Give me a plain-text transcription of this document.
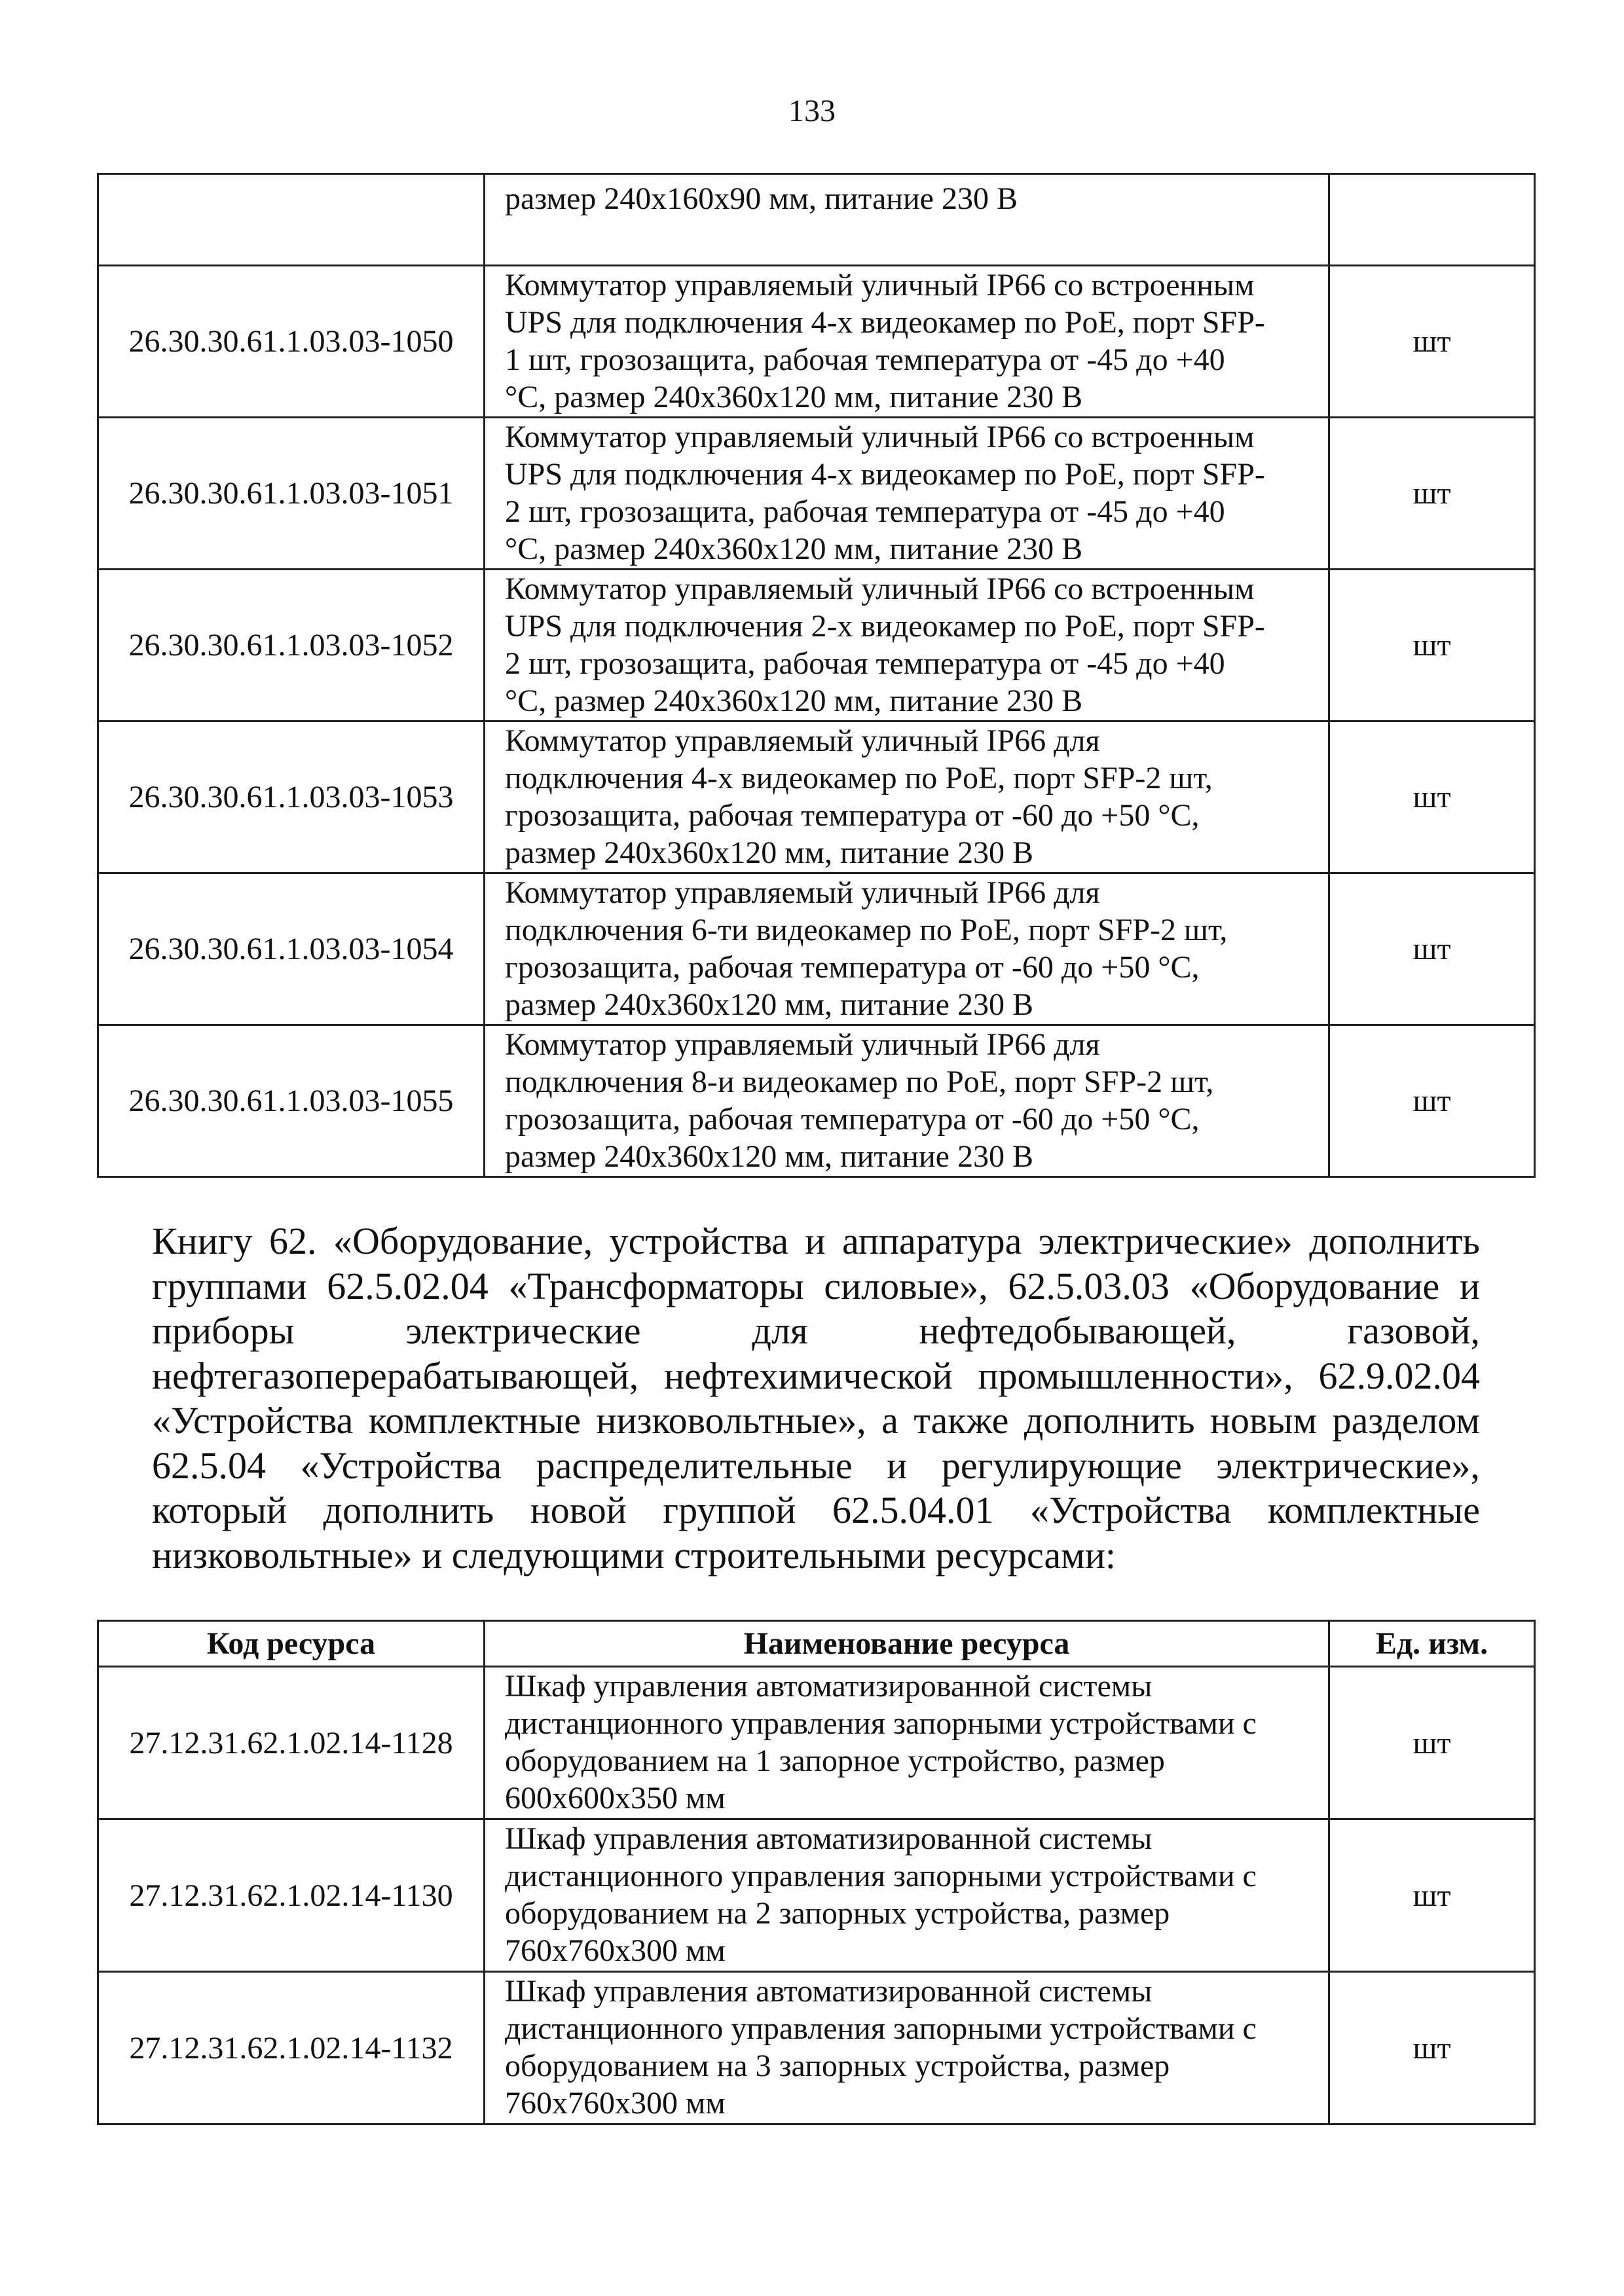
133
	размер 240x160x90 мм, питание 230 В	
26.30.30.61.1.03.03-1050	Коммутатор управляемый уличный IP66 со встроенным
UPS для подключения 4-х видеокамер по PoE, порт SFP-
1 шт, грозозащита, рабочая температура от -45 до +40
°С, размер 240x360x120 мм, питание 230 В	шт
26.30.30.61.1.03.03-1051	Коммутатор управляемый уличный IP66 со встроенным
UPS для подключения 4-х видеокамер по PoE, порт SFP-
2 шт, грозозащита, рабочая температура от -45 до +40
°С, размер 240x360x120 мм, питание 230 В	шт
26.30.30.61.1.03.03-1052	Коммутатор управляемый уличный IP66 со встроенным
UPS для подключения 2-х видеокамер по PoE, порт SFP-
2 шт, грозозащита, рабочая температура от -45 до +40
°С, размер 240x360x120 мм, питание 230 В	шт
26.30.30.61.1.03.03-1053	Коммутатор управляемый уличный IP66 для
подключения 4-х видеокамер по PoE, порт SFP-2 шт,
грозозащита, рабочая температура от -60 до +50 °С,
размер 240x360x120 мм, питание 230 В	шт
26.30.30.61.1.03.03-1054	Коммутатор управляемый уличный IP66 для
подключения 6-ти видеокамер по PoE, порт SFP-2 шт,
грозозащита, рабочая температура от -60 до +50 °С,
размер 240x360x120 мм, питание 230 В	шт
26.30.30.61.1.03.03-1055	Коммутатор управляемый уличный IP66 для
подключения 8-и видеокамер по PoE, порт SFP-2 шт,
грозозащита, рабочая температура от -60 до +50 °С,
размер 240x360x120 мм, питание 230 В	шт
Книгу 62. «Оборудование, устройства и аппаратура электрические» дополнить
группами 62.5.02.04 «Трансформаторы силовые», 62.5.03.03 «Оборудование и
приборы электрические для нефтедобывающей, газовой,
нефтегазоперерабатывающей, нефтехимической промышленности», 62.9.02.04
«Устройства комплектные низковольтные», а также дополнить новым разделом
62.5.04 «Устройства распределительные и регулирующие электрические»,
который дополнить новой группой 62.5.04.01 «Устройства комплектные
низковольтные» и следующими строительными ресурсами:
Код ресурса	Наименование ресурса	Ед. изм.
27.12.31.62.1.02.14-1128	Шкаф управления автоматизированной системы
дистанционного управления запорными устройствами с
оборудованием на 1 запорное устройство, размер
600x600x350 мм	шт
27.12.31.62.1.02.14-1130	Шкаф управления автоматизированной системы
дистанционного управления запорными устройствами с
оборудованием на 2 запорных устройства, размер
760x760x300 мм	шт
27.12.31.62.1.02.14-1132	Шкаф управления автоматизированной системы
дистанционного управления запорными устройствами с
оборудованием на 3 запорных устройства, размер
760x760x300 мм	шт
